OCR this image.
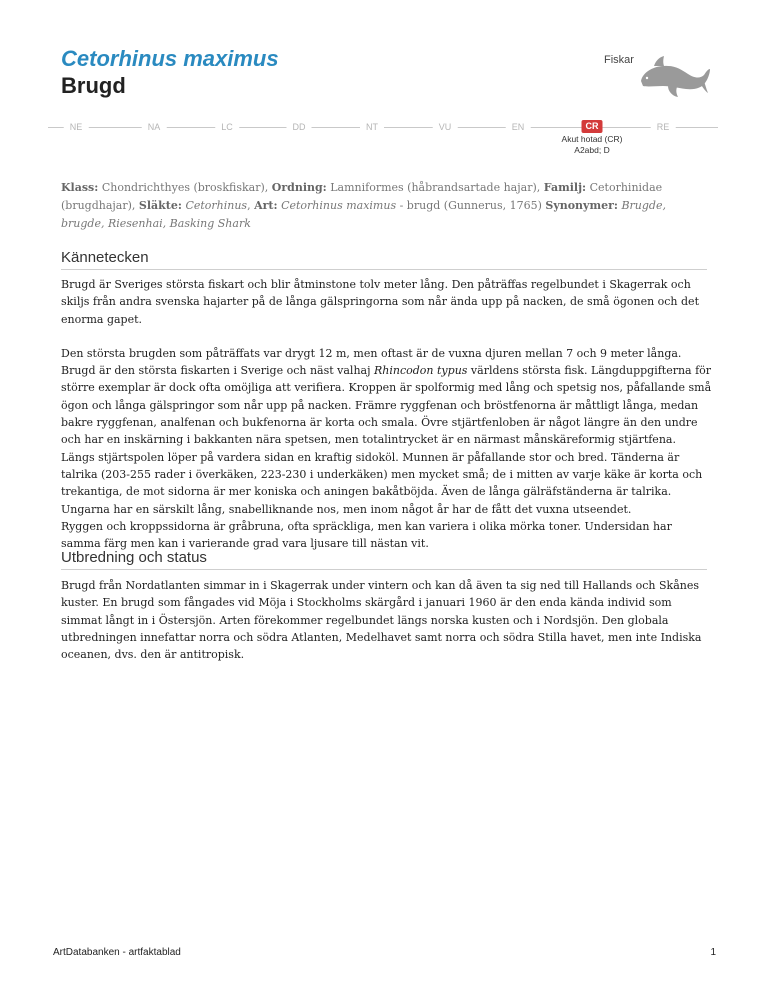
Cetorhinus maximus
Brugd
Fiskar
NE	NA	LC	DD	NT	VU	EN	CR	RE
Akut hotad (CR)
A2abd; D
Klass: Chondrichthyes (broskfiskar), Ordning: Lamniformes (håbrandsartade hajar), Familj: Cetorhinidae (brugdhajar), Släkte: Cetorhinus, Art: Cetorhinus maximus - brugd (Gunnerus, 1765) Synonymer: Brugde, brugde, Riesenhai, Basking Shark
Kännetecken

Brugd är Sveriges största fiskart och blir åtminstone tolv meter lång. Den påträffas regelbundet i Skagerrak och skiljs från andra svenska hajarter på de långa gälspringorna som når ända upp på nacken, de små ögonen och det enorma gapet.

Den största brugden som påträffats var drygt 12 m, men oftast är de vuxna djuren mellan 7 och 9 meter långa. Brugd är den största fiskarten i Sverige och näst valhaj Rhincodon typus världens största fisk. Längduppgifterna för större exemplar är dock ofta omöjliga att verifiera. Kroppen är spolformig med lång och spetsig nos, påfallande små ögon och långa gälspringor som når upp på nacken. Främre ryggfenan och bröstfenorna är måttligt långa, medan bakre ryggfenan, analfenan och bukfenorna är korta och smala. Övre stjärtfenloben är något längre än den undre och har en inskärning i bakkanten nära spetsen, men totalintrycket är en närmast månskäreformig stjärtfena. Längs stjärtspolen löper på vardera sidan en kraftig sidoköl. Munnen är påfallande stor och bred. Tänderna är talrika (203-255 rader i överkäken, 223-230 i underkäken) men mycket små; de i mitten av varje käke är korta och trekantiga, de mot sidorna är mer koniska och aningen bakåtböjda. Även de långa gälräfständerna är talrika. Ungarna har en särskilt lång, snabelliknande nos, men inom något år har de fått det vuxna utseendet.

Ryggen och kroppssidorna är gråbruna, ofta spräckliga, men kan variera i olika mörka toner. Undersidan har samma färg men kan i varierande grad vara ljusare till nästan vit.

Utbredning och status

Brugd från Nordatlanten simmar in i Skagerrak under vintern och kan då även ta sig ned till Hallands och Skånes kuster. En brugd som fångades vid Möja i Stockholms skärgård i januari 1960 är den enda kända individ som simmat långt in i Östersjön. Arten förekommer regelbundet längs norska kusten och i Nordsjön. Den globala utbredningen innefattar norra och södra Atlanten, Medelhavet samt norra och södra Stilla havet, men inte Indiska oceanen, dvs. den är antitropisk.

ArtDatabanken - artfaktablad	1
